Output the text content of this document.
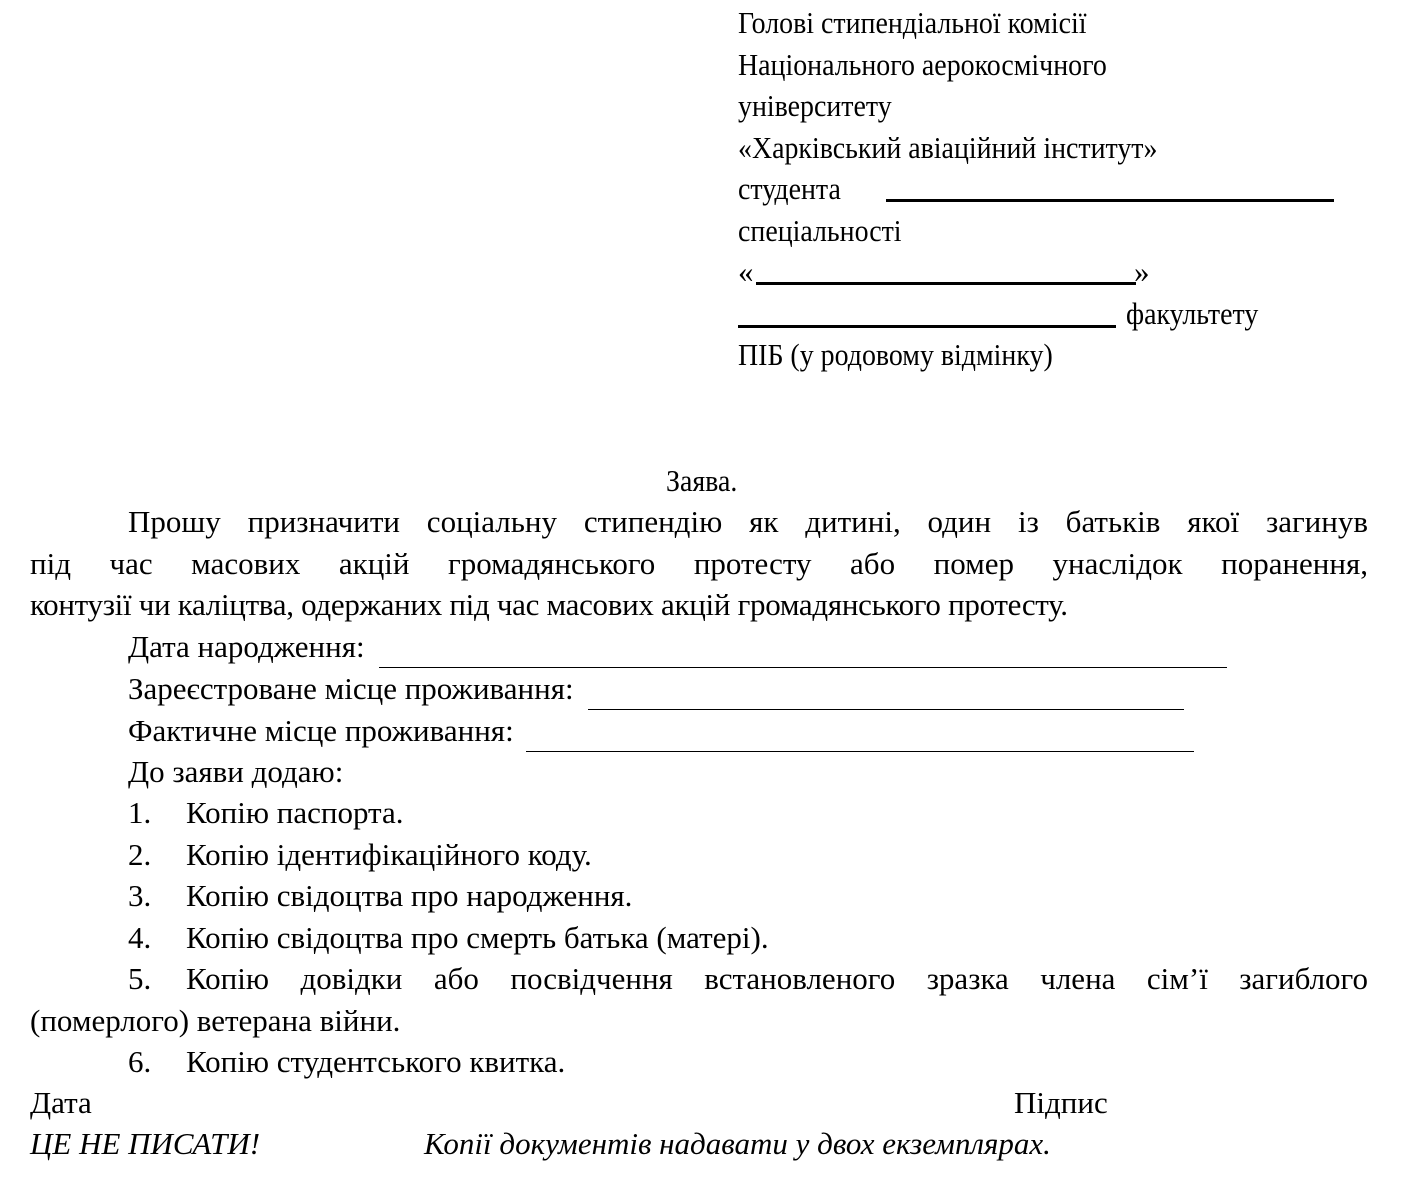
Голові стипендіальної комісії
Національного аерокосмічного
університету
«Харківський авіаційний інститут»
студента
спеціальності
«	»
факультету
ПІБ (у родовому відмінку)
Заява.
Прошу призначити соціальну стипендію як дитині, один із батьків якої загинув
під час масових акцій громадянського протесту або помер унаслідок поранення,
контузії чи каліцтва, одержаних під час масових акцій громадянського протесту.
Дата народження:
Зареєстроване місце проживання:
Фактичне місце проживання:
До заяви додаю:
1. Копію паспорта.
2. Копію ідентифікаційного коду.
3. Копію свідоцтва про народження.
4. Копію свідоцтва про смерть батька (матері).
5. Копію довідки або посвідчення встановленого зразка члена сім’ї загиблого
(померлого) ветерана війни.
6. Копію студентського квитка.
Дата	Підпис
ЦЕ НЕ ПИСАТИ!	Копії документів надавати у двох екземплярах.
